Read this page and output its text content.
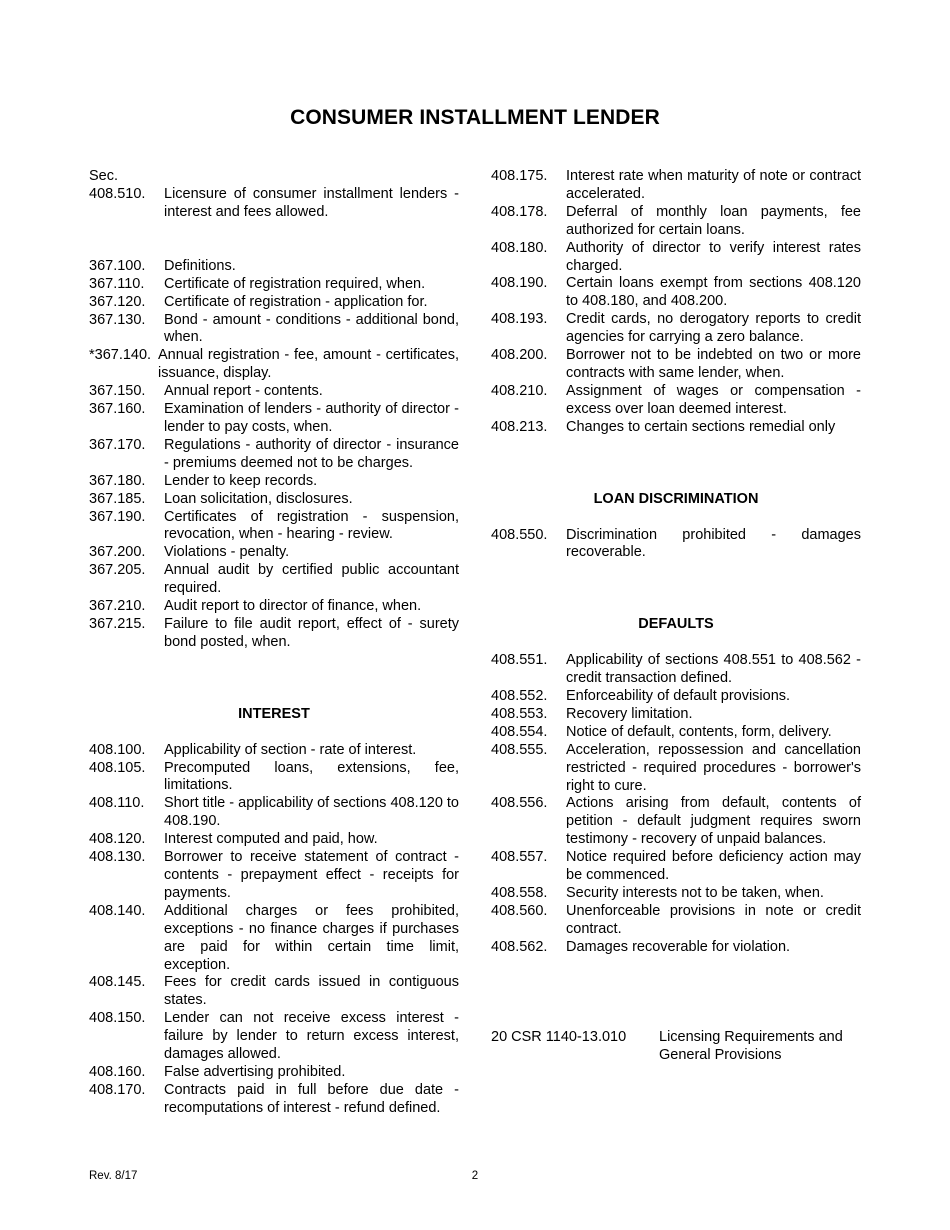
CONSUMER INSTALLMENT LENDER
Sec.
408.510.	Licensure of consumer installment lenders - interest and fees allowed.
367.100.	Definitions.
367.110.	Certificate of registration required, when.
367.120.	Certificate of registration - application for.
367.130.	Bond - amount - conditions - additional bond, when.
*367.140. Annual registration - fee, amount - certificates, issuance, display.
367.150.	Annual report - contents.
367.160.	Examination of lenders - authority of director - lender to pay costs, when.
367.170.	Regulations - authority of director - insurance - premiums deemed not to be charges.
367.180.	Lender to keep records.
367.185.	Loan solicitation, disclosures.
367.190.	Certificates of registration - suspension, revocation, when - hearing - review.
367.200.	Violations - penalty.
367.205.	Annual audit by certified public accountant required.
367.210.	Audit report to director of finance, when.
367.215.	Failure to file audit report, effect of - surety bond posted, when.
INTEREST
408.100.	Applicability of section - rate of interest.
408.105.	Precomputed loans, extensions, fee, limitations.
408.110.	Short title - applicability of sections 408.120 to 408.190.
408.120.	Interest computed and paid, how.
408.130.	Borrower to receive statement of contract - contents - prepayment effect - receipts for payments.
408.140.	Additional charges or fees prohibited, exceptions - no finance charges if purchases are paid for within certain time limit, exception.
408.145.	Fees for credit cards issued in contiguous states.
408.150.	Lender can not receive excess interest - failure by lender to return excess interest, damages allowed.
408.160.	False advertising prohibited.
408.170.	Contracts paid in full before due date - recomputations of interest - refund defined.
408.175.	Interest rate when maturity of note or contract accelerated.
408.178.	Deferral of monthly loan payments, fee authorized for certain loans.
408.180.	Authority of director to verify interest rates charged.
408.190.	Certain loans exempt from sections 408.120 to 408.180, and 408.200.
408.193.	Credit cards, no derogatory reports to credit agencies for carrying a zero balance.
408.200.	Borrower not to be indebted on two or more contracts with same lender, when.
408.210.	Assignment of wages or compensation - excess over loan deemed interest.
408.213.	Changes to certain sections remedial only
LOAN DISCRIMINATION
408.550.	Discrimination prohibited - damages recoverable.
DEFAULTS
408.551.	Applicability of sections 408.551 to 408.562 - credit transaction defined.
408.552.	Enforceability of default provisions.
408.553.	Recovery limitation.
408.554.	Notice of default, contents, form, delivery.
408.555.	Acceleration, repossession and cancellation restricted - required procedures - borrower's right to cure.
408.556.	Actions arising from default, contents of petition - default judgment requires sworn testimony - recovery of unpaid balances.
408.557.	Notice required before deficiency action may be commenced.
408.558.	Security interests not to be taken, when.
408.560.	Unenforceable provisions in note or credit contract.
408.562.	Damages recoverable for violation.
20 CSR 1140-13.010	Licensing Requirements and General Provisions
Rev. 8/17	2
